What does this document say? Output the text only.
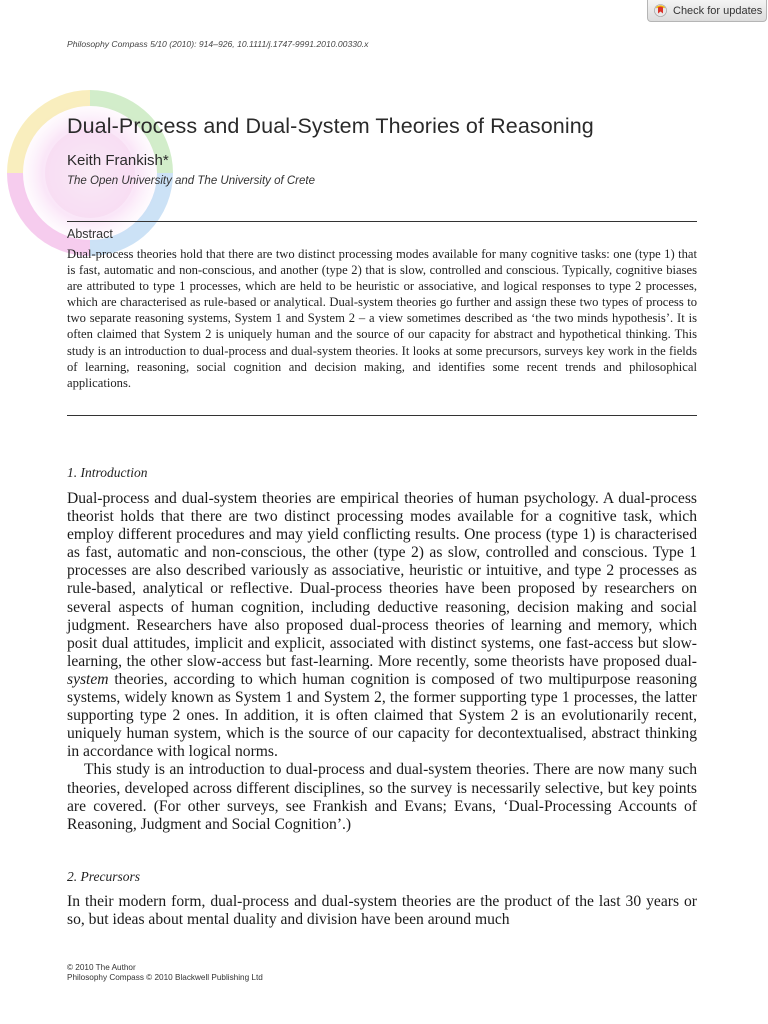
Check for updates
Philosophy Compass 5/10 (2010): 914–926, 10.1111/j.1747-9991.2010.00330.x
Dual-Process and Dual-System Theories of Reasoning
Keith Frankish*
The Open University and The University of Crete
Abstract
Dual-process theories hold that there are two distinct processing modes available for many cognitive tasks: one (type 1) that is fast, automatic and non-conscious, and another (type 2) that is slow, controlled and conscious. Typically, cognitive biases are attributed to type 1 processes, which are held to be heuristic or associative, and logical responses to type 2 processes, which are characterised as rule-based or analytical. Dual-system theories go further and assign these two types of process to two separate reasoning systems, System 1 and System 2 – a view sometimes described as ‘the two minds hypothesis’. It is often claimed that System 2 is uniquely human and the source of our capacity for abstract and hypothetical thinking. This study is an introduction to dual-process and dual-system theories. It looks at some precursors, surveys key work in the fields of learning, reasoning, social cognition and decision making, and identifies some recent trends and philosophical applications.
1. Introduction

Dual-process and dual-system theories are empirical theories of human psychology. A dual-process theorist holds that there are two distinct processing modes available for a cognitive task, which employ different procedures and may yield conflicting results. One process (type 1) is characterised as fast, automatic and non-conscious, the other (type 2) as slow, controlled and conscious. Type 1 processes are also described variously as associative, heuristic or intuitive, and type 2 processes as rule-based, analytical or reflective. Dual-process theories have been proposed by researchers on several aspects of human cognition, including deductive reasoning, decision making and social judgment. Researchers have also proposed dual-process theories of learning and memory, which posit dual attitudes, implicit and explicit, associated with distinct systems, one fast-access but slow-learning, the other slow-access but fast-learning. More recently, some theorists have proposed dual-system theories, according to which human cognition is composed of two multipurpose reasoning systems, widely known as System 1 and System 2, the former supporting type 1 processes, the latter supporting type 2 ones. In addition, it is often claimed that System 2 is an evolutionarily recent, uniquely human system, which is the source of our capacity for decontextualised, abstract thinking in accordance with logical norms.

This study is an introduction to dual-process and dual-system theories. There are now many such theories, developed across different disciplines, so the survey is necessarily selective, but key points are covered. (For other surveys, see Frankish and Evans; Evans, ‘Dual-Processing Accounts of Reasoning, Judgment and Social Cognition’.)

2. Precursors

In their modern form, dual-process and dual-system theories are the product of the last 30 years or so, but ideas about mental duality and division have been around much

© 2010 The Author
Philosophy Compass © 2010 Blackwell Publishing Ltd
